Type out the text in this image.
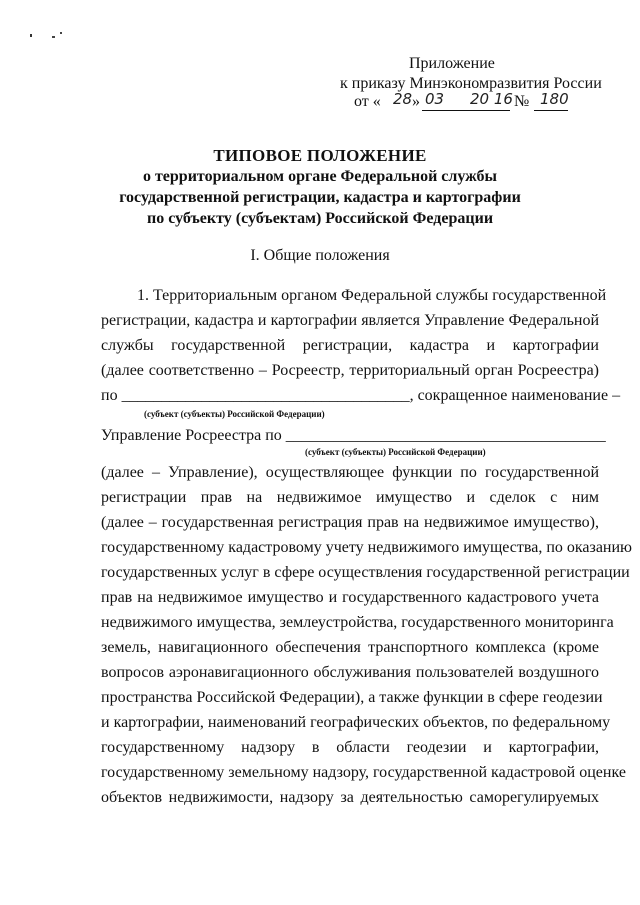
Приложение
к приказу Минэкономразвития России
от « 28 » 03 20 16 № 180
ТИПОВОЕ ПОЛОЖЕНИЕ
о территориальном органе Федеральной службы
государственной регистрации, кадастра и картографии
по субъекту (субъектам) Российской Федерации
I. Общие положения
1. Территориальным органом Федеральной службы государственной
регистрации, кадастра и картографии является Управление Федеральной
службы государственной регистрации, кадастра и картографии
(далее соответственно – Росреестр, территориальный орган Росреестра)
по ____________________________________, сокращенное наименование –
(субъект (субъекты) Российской Федерации)
Управление Росреестра по ________________________________________
(субъект (субъекты) Российской Федерации)
(далее – Управление), осуществляющее функции по государственной
регистрации прав на недвижимое имущество и сделок с ним
(далее – государственная регистрация прав на недвижимое имущество),
государственному кадастровому учету недвижимого имущества, по оказанию
государственных услуг в сфере осуществления государственной регистрации
прав на недвижимое имущество и государственного кадастрового учета
недвижимого имущества, землеустройства, государственного мониторинга
земель, навигационного обеспечения транспортного комплекса (кроме
вопросов аэронавигационного обслуживания пользователей воздушного
пространства Российской Федерации), а также функции в сфере геодезии
и картографии, наименований географических объектов, по федеральному
государственному надзору в области геодезии и картографии,
государственному земельному надзору, государственной кадастровой оценке
объектов недвижимости, надзору за деятельностью саморегулируемых
